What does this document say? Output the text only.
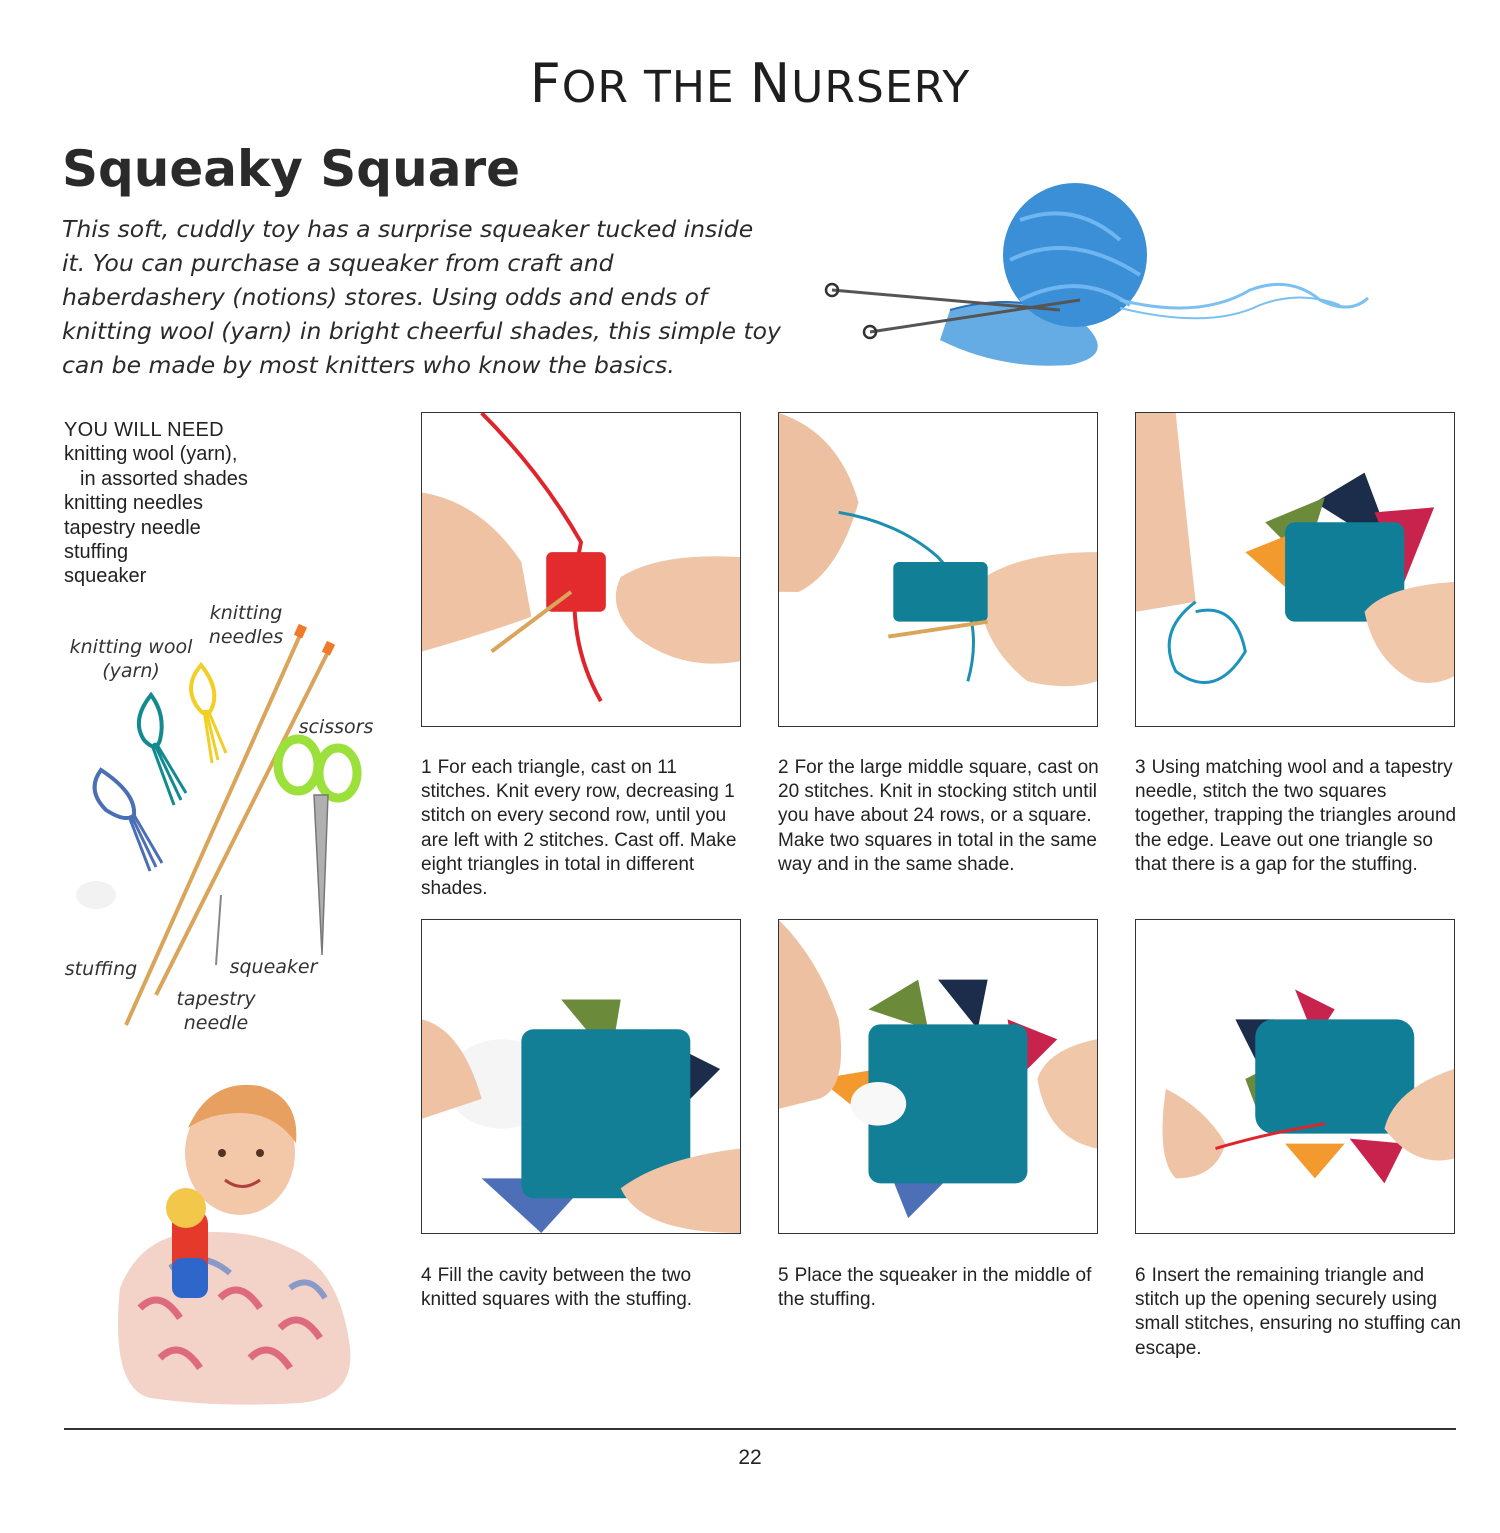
FOR THE NURSERY
Squeaky Square

This soft, cuddly toy has a surprise squeaker tucked inside it. You can purchase a squeaker from craft and haberdashery (notions) stores. Using odds and ends of knitting wool (yarn) in bright cheerful shades, this simple toy can be made by most knitters who know the basics.

YOU WILL NEED
knitting wool (yarn),
in assorted shades
knitting needles
tapestry needle
stuffing
squeaker
knitting
needles
knitting wool
(yarn)
scissors
stuffing	squeaker
tapestry
needle
1 For each triangle, cast on 11 stitches. Knit every row, decreasing 1 stitch on every second row, until you are left with 2 stitches. Cast off. Make eight triangles in total in different shades.
2 For the large middle square, cast on 20 stitches. Knit in stocking stitch until you have about 24 rows, or a square. Make two squares in total in the same way and in the same shade.
3 Using matching wool and a tapestry needle, stitch the two squares together, trapping the triangles around the edge. Leave out one triangle so that there is a gap for the stuffing.
4 Fill the cavity between the two knitted squares with the stuffing.
5 Place the squeaker in the middle of the stuffing.
6 Insert the remaining triangle and stitch up the opening securely using small stitches, ensuring no stuffing can escape.
22
